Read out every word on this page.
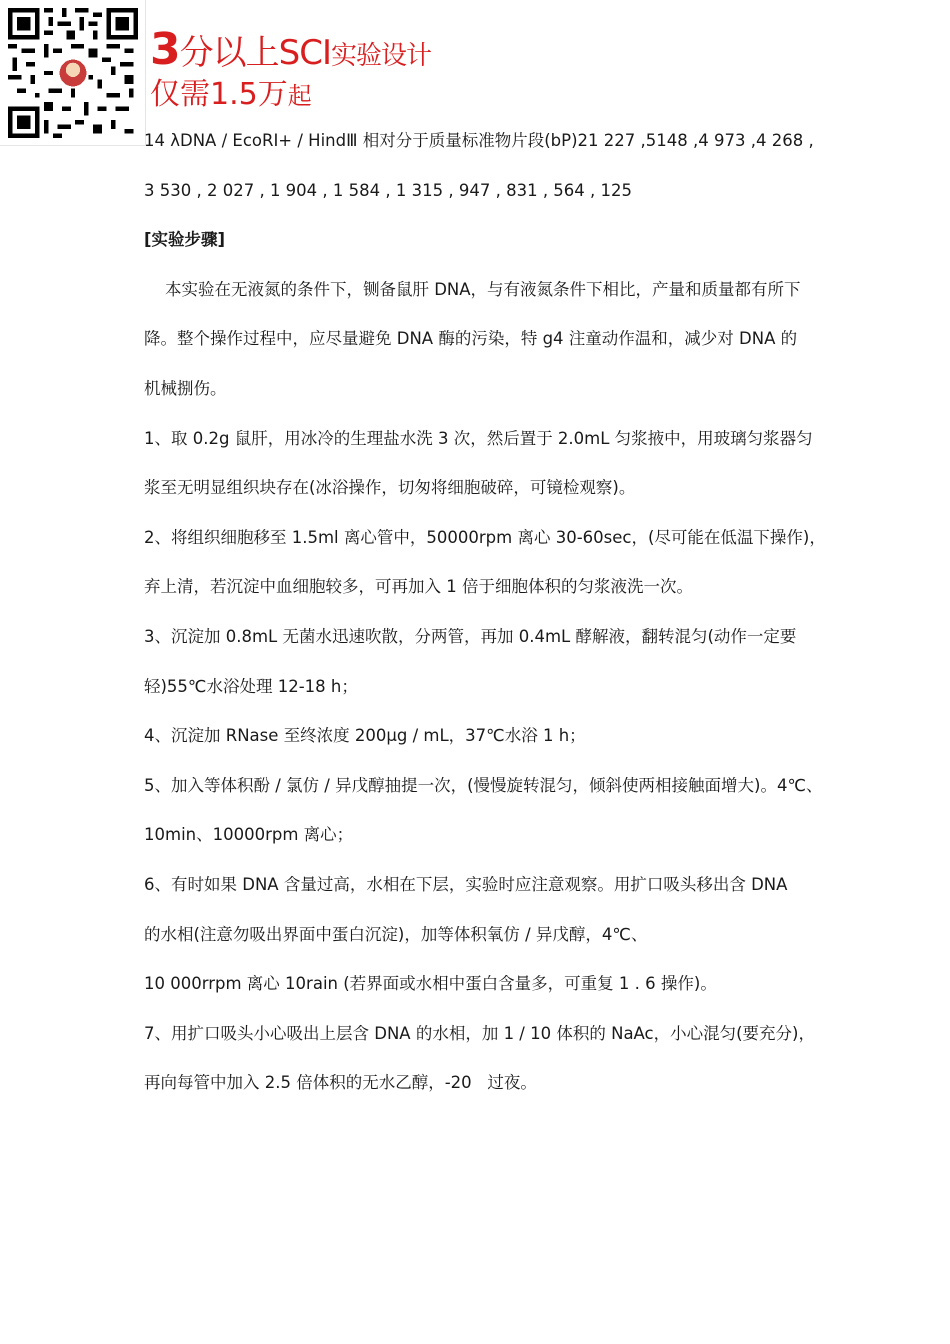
3分以上SCI实验设计
仅需1.5万起
14 λDNA / EcoRI+ / HindⅢ 相对分于质量标准物片段(bP)21 227 ,5148 ,4 973 ,4 268 ,
3 530 , 2 027 , 1 904 , 1 584 , 1 315 , 947 , 831 , 564 , 125
[实验步骤]
本实验在无液氮的条件下，铡备鼠肝 DNA，与有液氮条件下相比，产量和质量都有所下
降。整个操作过程中，应尽量避免 DNA 酶的污染，特 g4 注童动作温和，减少对 DNA 的
机械捌伤。
1、取 0.2g 鼠肝，用冰冷的生理盐水洗 3 次，然后置于 2.0mL 匀浆掖中，用玻璃匀浆器匀
浆至无明显组织块存在(冰浴操作，切匆将细胞破碎，可镜检观察)。
2、将组织细胞移至 1.5ml 离心管中，50000rpm 离心 30-60sec，(尽可能在低温下操作)，
弃上清，若沉淀中血细胞较多，可再加入 1 倍于细胞体积的匀浆液洗一次。
3、沉淀加 0.8mL 无菌水迅速吹散，分两管，再加 0.4mL 酵解液，翻转混匀(动作一定要
轻)55℃水浴处理 12-18 h；
4、沉淀加 RNase 至终浓度 200μg / mL，37℃水浴 1 h；
5、加入等体积酚 / 氯仿 / 异戊醇抽提一次，(慢慢旋转混匀，倾斜使两相接触面增大)。4℃、
10min、10000rpm 离心；
6、有时如果 DNA 含量过高，水相在下层，实验时应注意观察。用扩口吸头移出含 DNA
的水相(注意勿吸出界面中蛋白沉淀)，加等体积氧仿 / 异戊醇，4℃、
10 000rrpm 离心 10rain (若界面或水相中蛋白含量多，可重复 1 . 6 操作)。
7、用扩口吸头小心吸出上层含 DNA 的水相，加 1 / 10 体积的 NaAc，小心混匀(要充分)，
再向每管中加入 2.5 倍体积的无水乙醇，-20   过夜。
